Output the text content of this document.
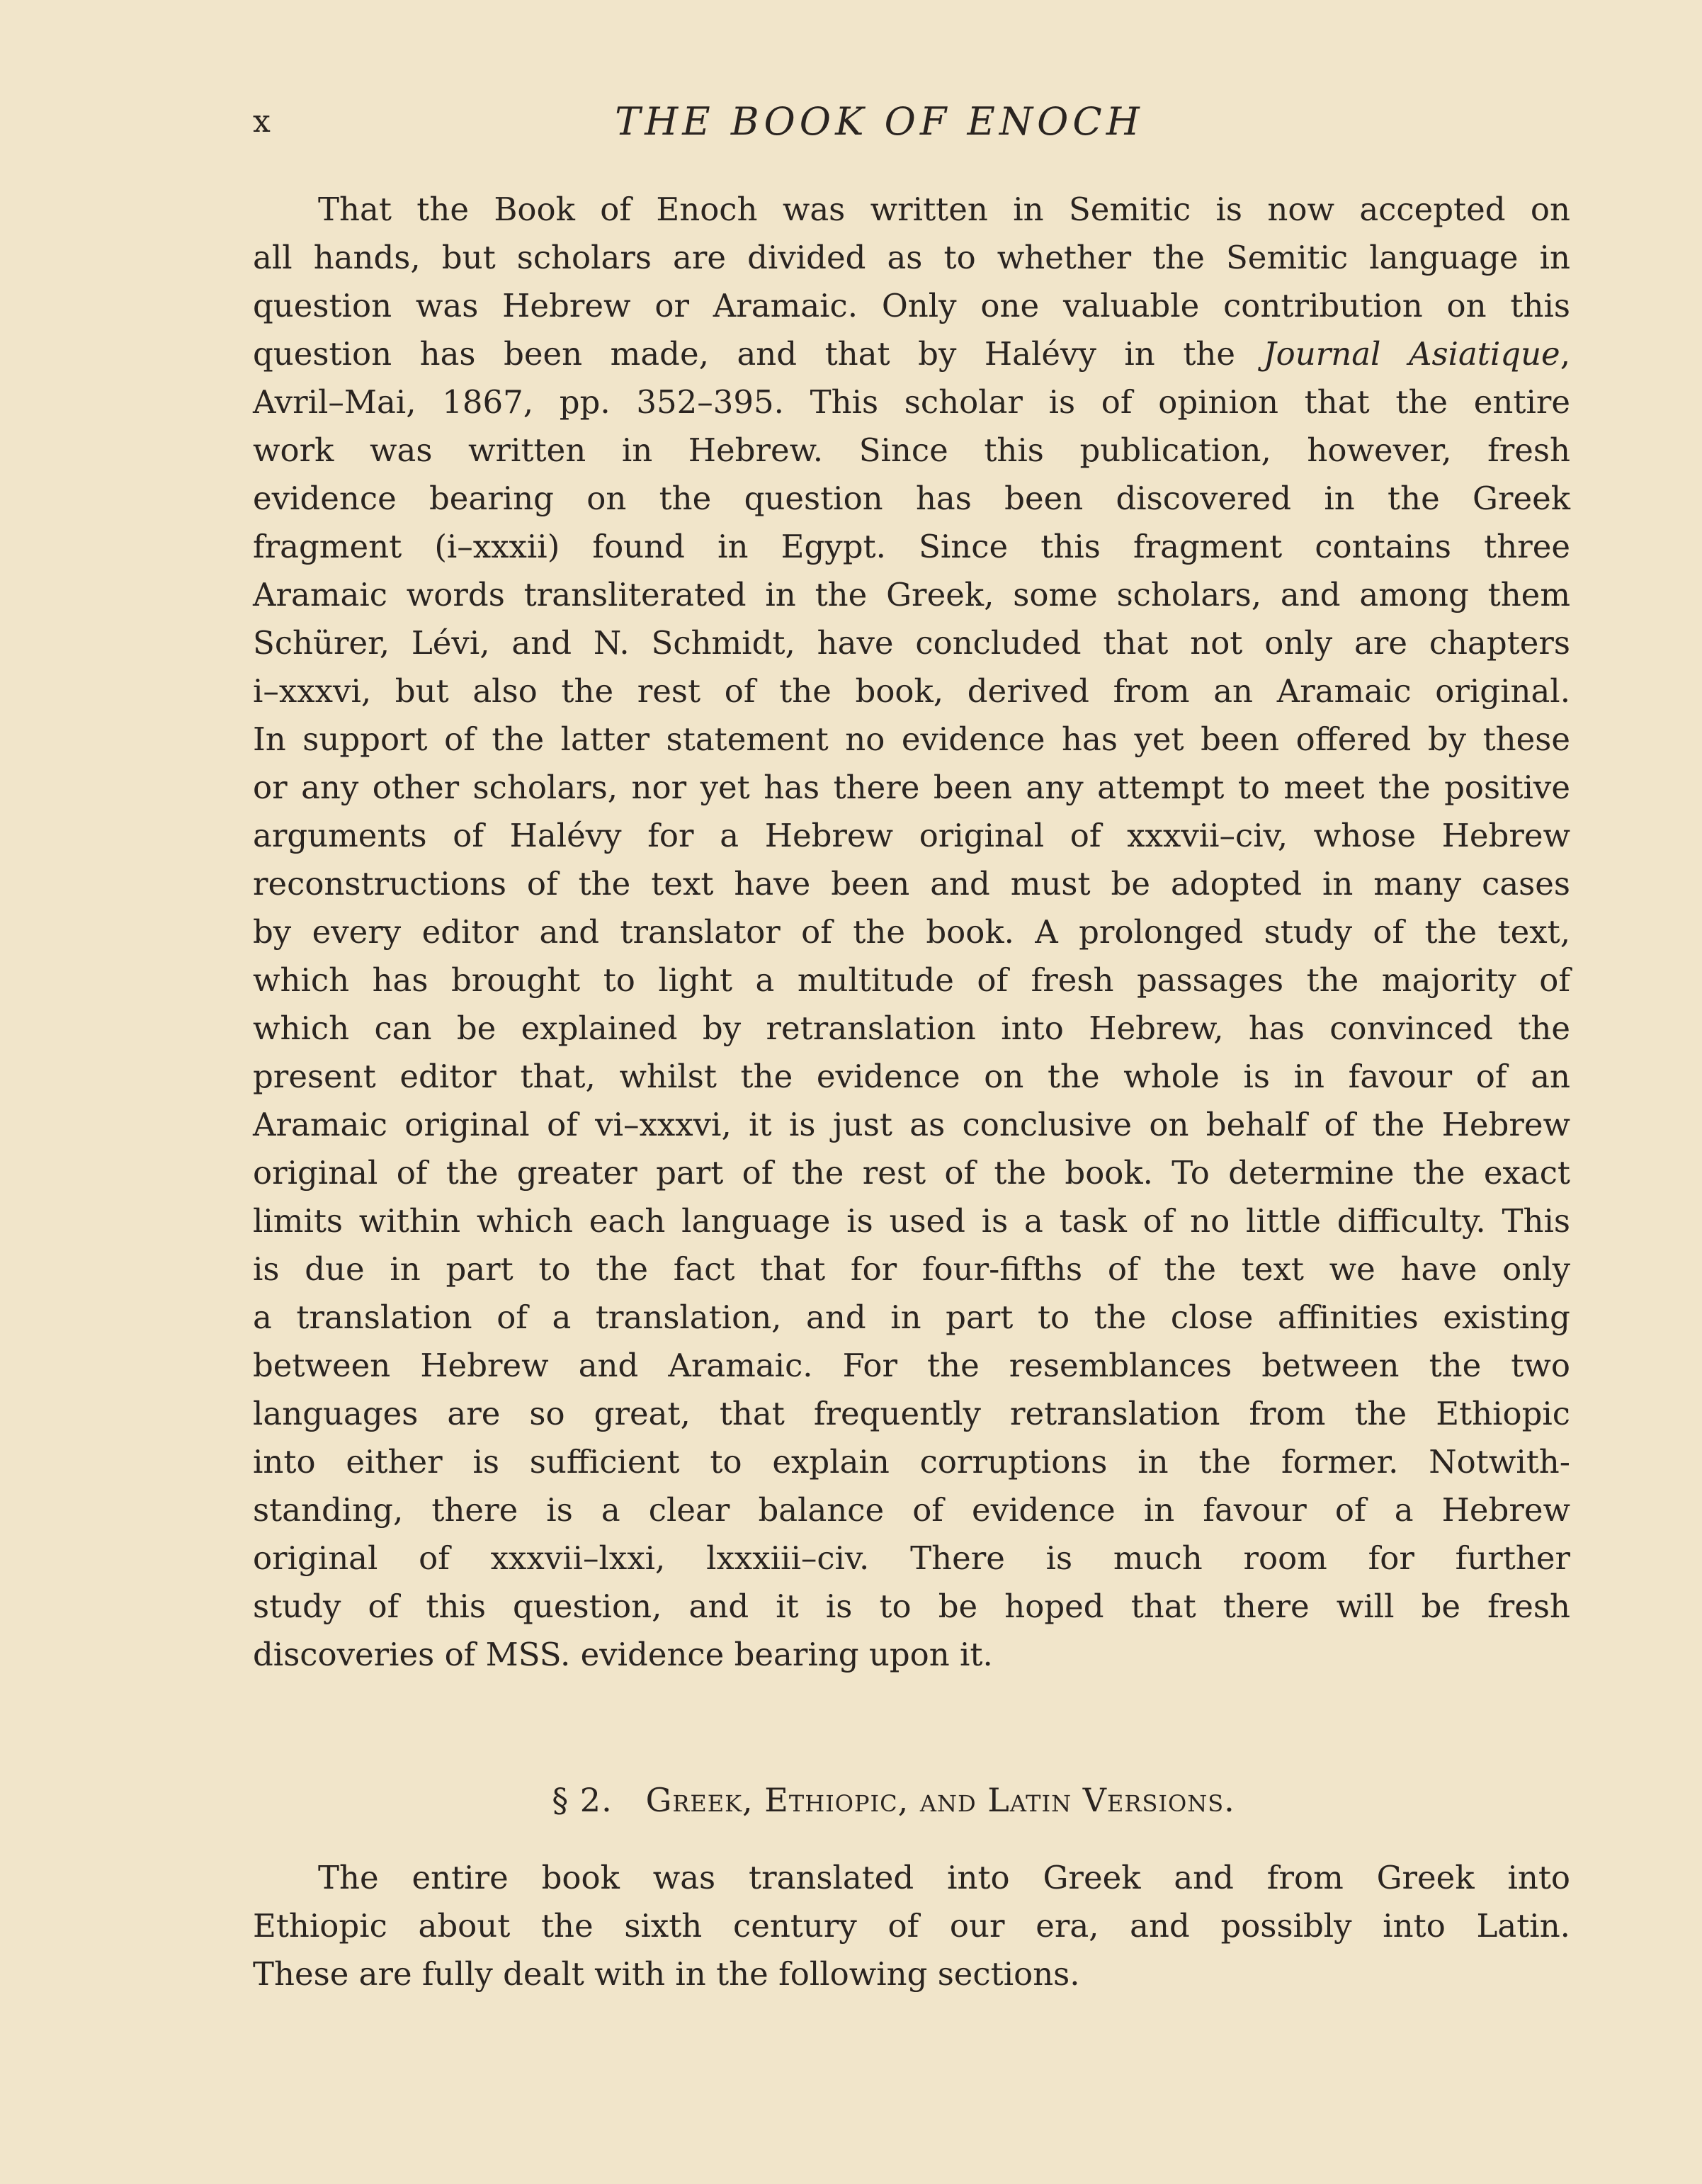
x	THE BOOK OF ENOCH
That the Book of Enoch was written in Semitic is now accepted on
all hands, but scholars are divided as to whether the Semitic language in
question was Hebrew or Aramaic. Only one valuable contribution on this
question has been made, and that by Halévy in the Journal Asiatique,
Avril–Mai, 1867, pp. 352–395. This scholar is of opinion that the entire
work was written in Hebrew. Since this publication, however, fresh
evidence bearing on the question has been discovered in the Greek
fragment (i–xxxii) found in Egypt. Since this fragment contains three
Aramaic words transliterated in the Greek, some scholars, and among them
Schürer, Lévi, and N. Schmidt, have concluded that not only are chapters
i–xxxvi, but also the rest of the book, derived from an Aramaic original.
In support of the latter statement no evidence has yet been offered by these
or any other scholars, nor yet has there been any attempt to meet the positive
arguments of Halévy for a Hebrew original of xxxvii–civ, whose Hebrew
reconstructions of the text have been and must be adopted in many cases
by every editor and translator of the book. A prolonged study of the text,
which has brought to light a multitude of fresh passages the majority of
which can be explained by retranslation into Hebrew, has convinced the
present editor that, whilst the evidence on the whole is in favour of an
Aramaic original of vi–xxxvi, it is just as conclusive on behalf of the Hebrew
original of the greater part of the rest of the book. To determine the exact
limits within which each language is used is a task of no little difficulty. This
is due in part to the fact that for four-fifths of the text we have only
a translation of a translation, and in part to the close affinities existing
between Hebrew and Aramaic. For the resemblances between the two
languages are so great, that frequently retranslation from the Ethiopic
into either is sufficient to explain corruptions in the former. Notwith-
standing, there is a clear balance of evidence in favour of a Hebrew
original of xxxvii–lxxi, lxxxiii–civ. There is much room for further
study of this question, and it is to be hoped that there will be fresh
discoveries of MSS. evidence bearing upon it.
§ 2. Greek, Ethiopic, and Latin Versions.
The entire book was translated into Greek and from Greek into
Ethiopic about the sixth century of our era, and possibly into Latin.
These are fully dealt with in the following sections.
